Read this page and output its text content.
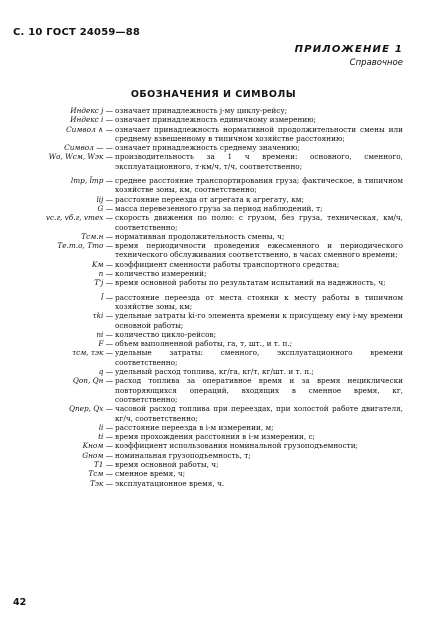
С. 10 ГОСТ 24059—88
ПРИЛОЖЕНИЕ 1
Справочное
ОБОЗНАЧЕНИЯ И СИМВОЛЫ
Индекс j — означает принадлежность j-му циклу-рейсу;
Индекс i — означает принадлежность единичному измерению;
Символ ∧ — означает принадлежность нормативной продолжительности смены или среднему взвешенному в типичном хозяйстве расстоянию;
Символ — — означает принадлежность среднему значению;
Wо, Wсм, Wэк — производительность за 1 ч времени: основного, сменного, эксплуатационного, т·км/ч, т/ч, соответственно;
lтр, l̂тр — среднее расстояние транспортирования груза; фактическое, в типичном хозяйстве зоны, км, соответственно;
lij — расстояние переезда от агрегата к агрегату, км;
G — масса перевезенного груза за период наблюдений, т;
vс.г, vб.г, vтех — скорость движения по полю: с грузом, без груза, техническая, км/ч, соответственно;
Tсм.н — нормативная продолжительность смены, ч;
Tе.т.о, Tто — время периодичности проведения ежесменного и периодического технического обслуживания соответственно, в часах сменного времени;
Kм — коэффициент сменности работы транспортного средства;
n — количество измерений;
T'j — время основной работы по результатам испытаний на надежность, ч;
l̂ — расстояние переезда от места стоянки к месту работы в типичном хозяйстве зоны, км;
τki — удельные затраты ki-го элемента времени к присущему ему i-му времени основной работы;
ni — количество цикло-рейсов;
F — объем выполненной работы, га, т, шт., и т. п.;
τсм, τэк — удельные затраты: сменного, эксплуатационного времени соответственно;
q — удельный расход топлива, кг/га, кг/т, кг/шт. и т. п.;
Qоп, Qн — расход топлива за оперативное время и за время нециклически повторяющихся операций, входящих в сменное время, кг, соответственно;
Qпер, Qх — часовой расход топлива при переездах, при холостой работе двигателя, кг/ч, соответственно;
li — расстояние переезда в i-м измерении, м;
ti — время прохождения расстояния в i-м измерении, с;
Kном — коэффициент использования номинальной грузоподъемности;
Gном — номинальная грузоподъемность, т;
T1 — время основной работы, ч;
Tсм — сменное время, ч;
Tэк — эксплуатационное время, ч.
42
